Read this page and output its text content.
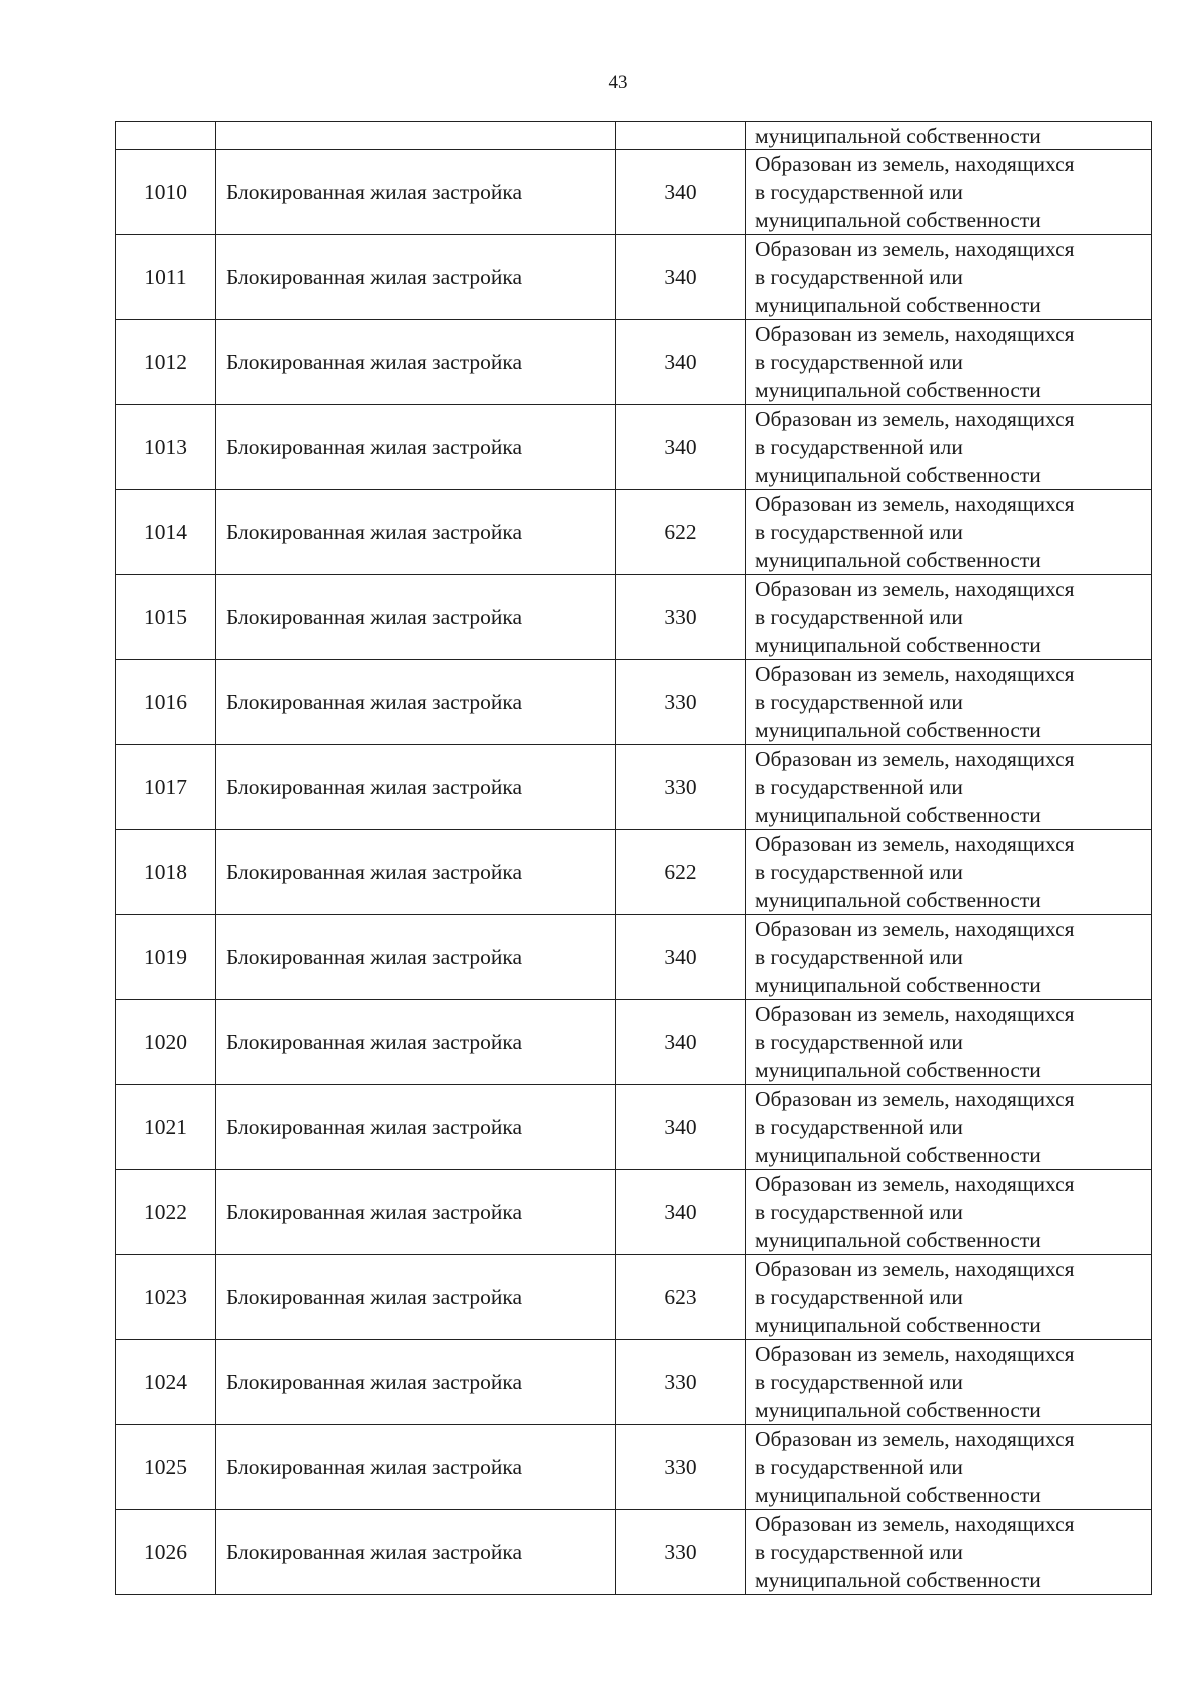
43

			муниципальной собственности

1010	Блокированная жилая застройка	340	Образован из земель, находящихся
в государственной или
муниципальной собственности

1011	Блокированная жилая застройка	340	Образован из земель, находящихся
в государственной или
муниципальной собственности

1012	Блокированная жилая застройка	340	Образован из земель, находящихся
в государственной или
муниципальной собственности

1013	Блокированная жилая застройка	340	Образован из земель, находящихся
в государственной или
муниципальной собственности

1014	Блокированная жилая застройка	622	Образован из земель, находящихся
в государственной или
муниципальной собственности

1015	Блокированная жилая застройка	330	Образован из земель, находящихся
в государственной или
муниципальной собственности

1016	Блокированная жилая застройка	330	Образован из земель, находящихся
в государственной или
муниципальной собственности

1017	Блокированная жилая застройка	330	Образован из земель, находящихся
в государственной или
муниципальной собственности

1018	Блокированная жилая застройка	622	Образован из земель, находящихся
в государственной или
муниципальной собственности

1019	Блокированная жилая застройка	340	Образован из земель, находящихся
в государственной или
муниципальной собственности

1020	Блокированная жилая застройка	340	Образован из земель, находящихся
в государственной или
муниципальной собственности

1021	Блокированная жилая застройка	340	Образован из земель, находящихся
в государственной или
муниципальной собственности

1022	Блокированная жилая застройка	340	Образован из земель, находящихся
в государственной или
муниципальной собственности

1023	Блокированная жилая застройка	623	Образован из земель, находящихся
в государственной или
муниципальной собственности

1024	Блокированная жилая застройка	330	Образован из земель, находящихся
в государственной или
муниципальной собственности

1025	Блокированная жилая застройка	330	Образован из земель, находящихся
в государственной или
муниципальной собственности

1026	Блокированная жилая застройка	330	Образован из земель, находящихся
в государственной или
муниципальной собственности
